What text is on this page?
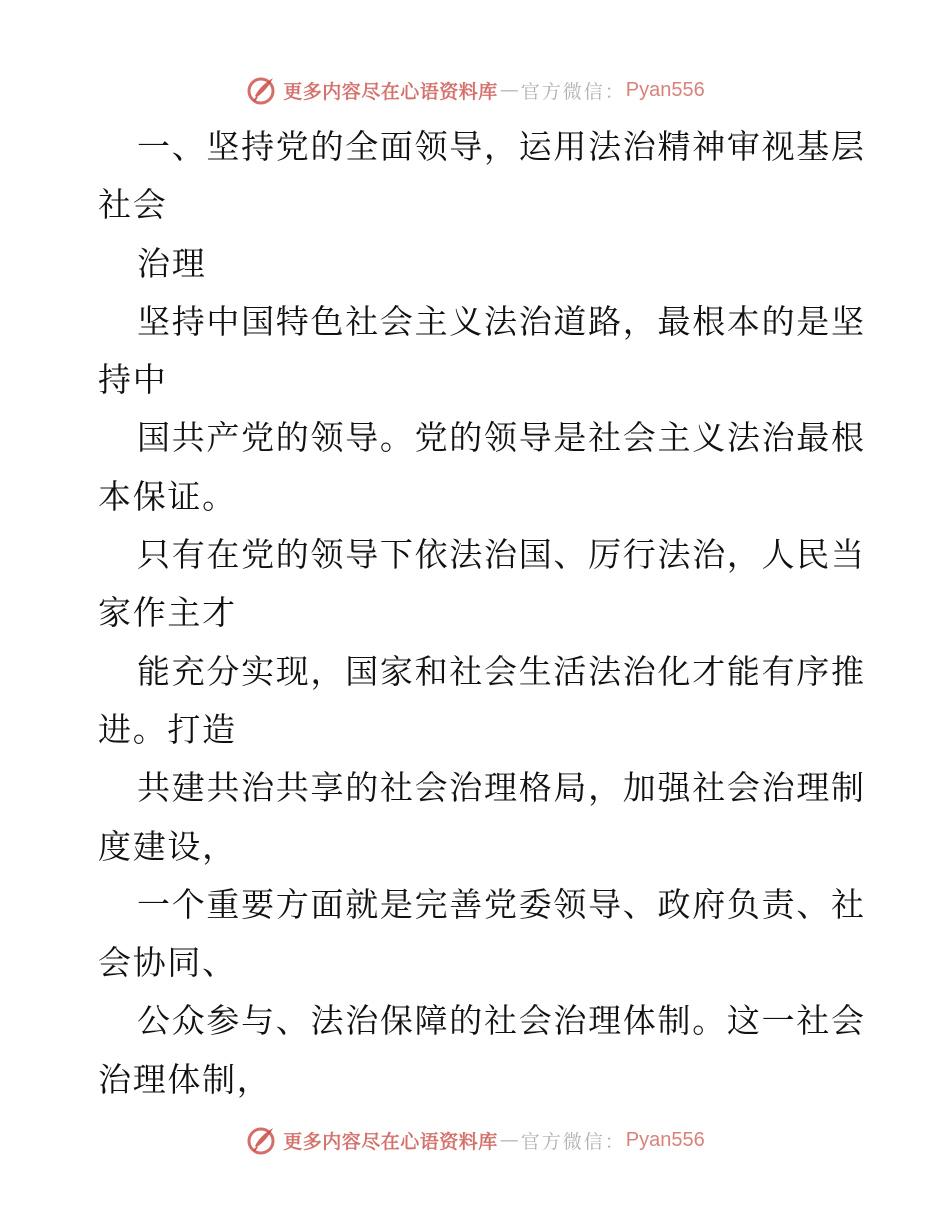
更多内容尽在心语资料库 — 官方微信： Pyan556
一、坚持党的全面领导，运用法治精神审视基层
社会
治理
坚持中国特色社会主义法治道路，最根本的是坚
持中
国共产党的领导。党的领导是社会主义法治最根
本保证。
只有在党的领导下依法治国、厉行法治，人民当
家作主才
能充分实现，国家和社会生活法治化才能有序推
进。打造
共建共治共享的社会治理格局，加强社会治理制
度建设，
一个重要方面就是完善党委领导、政府负责、社
会协同、
公众参与、法治保障的社会治理体制。这一社会
治理体制，
更多内容尽在心语资料库 — 官方微信： Pyan556
